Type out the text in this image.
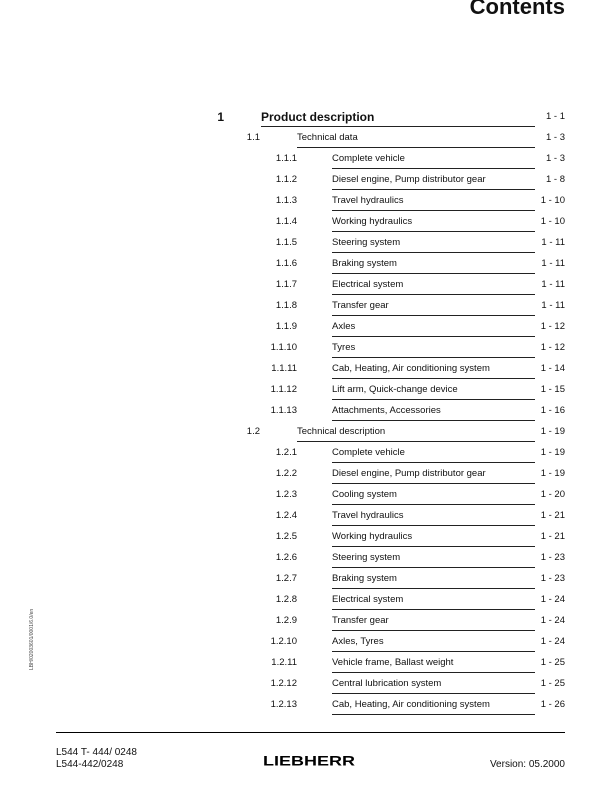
Contents
LBH/02003601/0001/6.0/en
1	Product description	1 - 1
1.1	Technical data	1 - 3
1.1.1	Complete vehicle	1 - 3
1.1.2	Diesel engine, Pump distributor gear	1 - 8
1.1.3	Travel hydraulics	1 - 10
1.1.4	Working hydraulics	1 - 10
1.1.5	Steering system	1 - 11
1.1.6	Braking system	1 - 11
1.1.7	Electrical system	1 - 11
1.1.8	Transfer gear	1 - 11
1.1.9	Axles	1 - 12
1.1.10	Tyres	1 - 12
1.1.11	Cab, Heating, Air conditioning system	1 - 14
1.1.12	Lift arm, Quick-change device	1 - 15
1.1.13	Attachments, Accessories	1 - 16
1.2	Technical description	1 - 19
1.2.1	Complete vehicle	1 - 19
1.2.2	Diesel engine, Pump distributor gear	1 - 19
1.2.3	Cooling system	1 - 20
1.2.4	Travel hydraulics	1 - 21
1.2.5	Working hydraulics	1 - 21
1.2.6	Steering system	1 - 23
1.2.7	Braking system	1 - 23
1.2.8	Electrical system	1 - 24
1.2.9	Transfer gear	1 - 24
1.2.10	Axles, Tyres	1 - 24
1.2.11	Vehicle frame, Ballast weight	1 - 25
1.2.12	Central lubrication system	1 - 25
1.2.13	Cab, Heating, Air conditioning system	1 - 26
L544 T- 444/ 0248
L544-442/0248	LIEBHERR	Version: 05.2000
